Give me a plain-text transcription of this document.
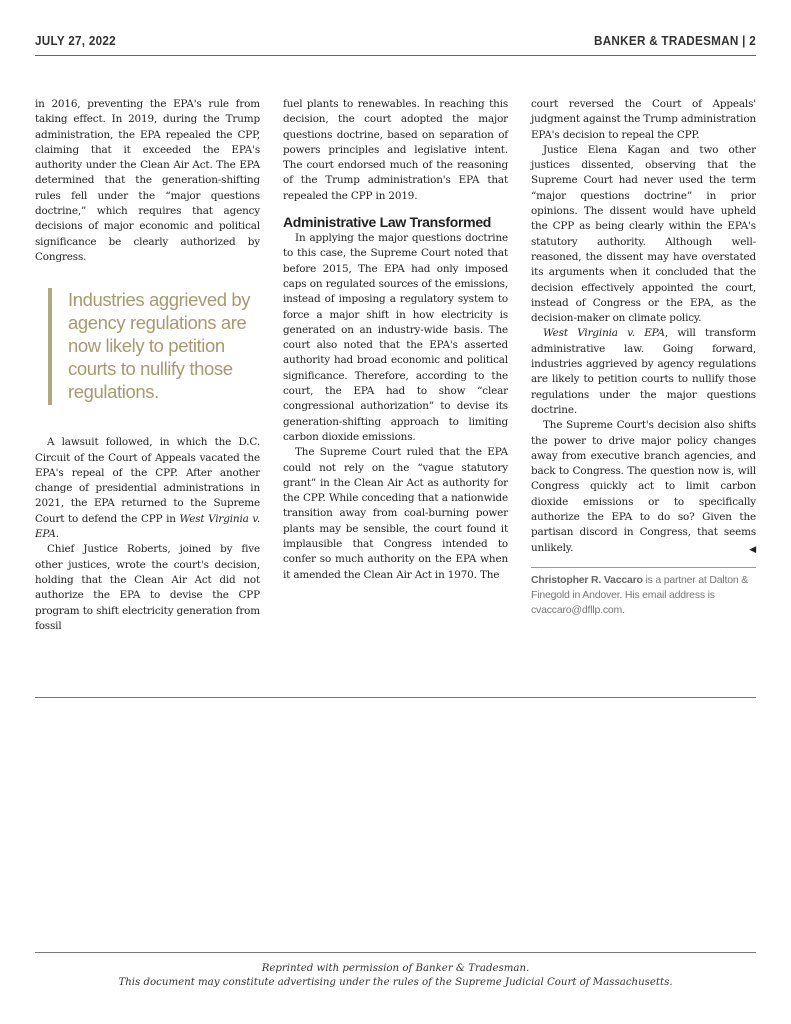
JULY 27, 2022	BANKER & TRADESMAN | 2

in 2016, preventing the EPA's rule from taking effect. In 2019, during the Trump administration, the EPA repealed the CPP, claiming that it exceeded the EPA's authority under the Clean Air Act. The EPA determined that the generation-shifting rules fell under the “major questions doctrine,” which requires that agency decisions of major economic and political significance be clearly authorized by Congress.

Industries aggrieved by agency regulations are now likely to petition courts to nullify those regulations.

A lawsuit followed, in which the D.C. Circuit of the Court of Appeals vacated the EPA's repeal of the CPP. After another change of presidential administrations in 2021, the EPA returned to the Supreme Court to defend the CPP in West Virginia v. EPA.

Chief Justice Roberts, joined by five other justices, wrote the court's decision, holding that the Clean Air Act did not authorize the EPA to devise the CPP program to shift electricity generation from fossil

fuel plants to renewables. In reaching this decision, the court adopted the major questions doctrine, based on separation of powers principles and legislative intent. The court endorsed much of the reasoning of the Trump administration's EPA that repealed the CPP in 2019.

Administrative Law Transformed

In applying the major questions doctrine to this case, the Supreme Court noted that before 2015, The EPA had only imposed caps on regulated sources of the emissions, instead of imposing a regulatory system to force a major shift in how electricity is generated on an industry-wide basis. The court also noted that the EPA's asserted authority had broad economic and political significance. Therefore, according to the court, the EPA had to show “clear congressional authorization” to devise its generation-shifting approach to limiting carbon dioxide emissions.

The Supreme Court ruled that the EPA could not rely on the “vague statutory grant” in the Clean Air Act as authority for the CPP. While conceding that a nationwide transition away from coal-burning power plants may be sensible, the court found it implausible that Congress intended to confer so much authority on the EPA when it amended the Clean Air Act in 1970. The

court reversed the Court of Appeals' judgment against the Trump administration EPA's decision to repeal the CPP.

Justice Elena Kagan and two other justices dissented, observing that the Supreme Court had never used the term “major questions doctrine” in prior opinions. The dissent would have upheld the CPP as being clearly within the EPA's statutory authority. Although well-reasoned, the dissent may have overstated its arguments when it concluded that the decision effectively appointed the court, instead of Congress or the EPA, as the decision-maker on climate policy.

West Virginia v. EPA, will transform administrative law. Going forward, industries aggrieved by agency regulations are likely to petition courts to nullify those regulations under the major questions doctrine.

The Supreme Court's decision also shifts the power to drive major policy changes away from executive branch agencies, and back to Congress. The question now is, will Congress quickly act to limit carbon dioxide emissions or to specifically authorize the EPA to do so? Given the partisan discord in Congress, that seems unlikely.	◀

Christopher R. Vaccaro is a partner at Dalton & Finegold in Andover. His email address is cvaccaro@dfllp.com.
Reprinted with permission of Banker & Tradesman.
This document may constitute advertising under the rules of the Supreme Judicial Court of Massachusetts.
